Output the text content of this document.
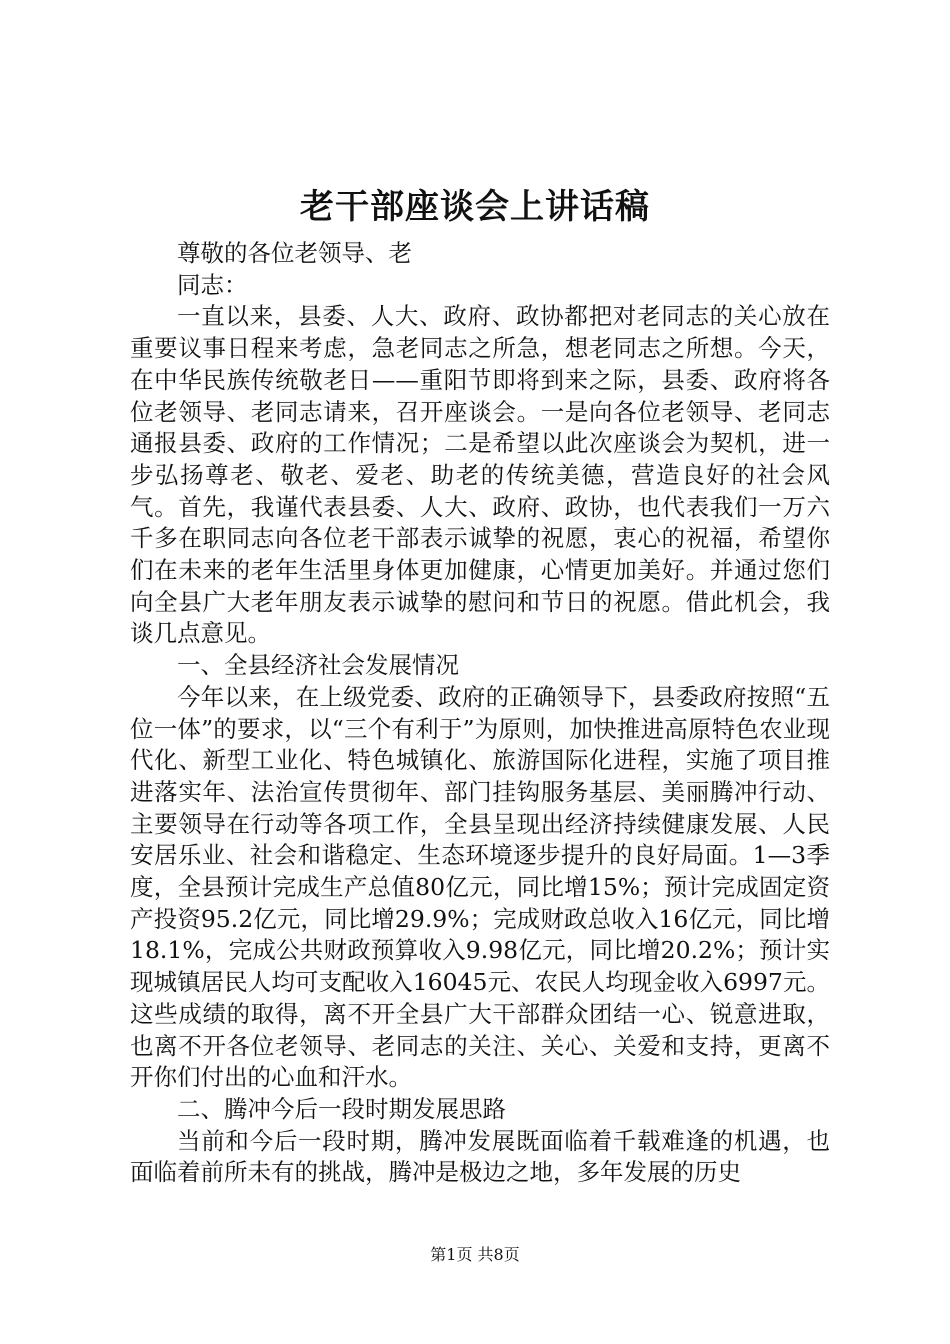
老干部座谈会上讲话稿

尊敬的各位老领导、老

同志：

一直以来，县委、人大、政府、政协都把对老同志的关心放在重要议事日程来考虑，急老同志之所急，想老同志之所想。今天，在中华民族传统敬老日——重阳节即将到来之际，县委、政府将各位老领导、老同志请来，召开座谈会。一是向各位老领导、老同志通报县委、政府的工作情况；二是希望以此次座谈会为契机，进一步弘扬尊老、敬老、爱老、助老的传统美德，营造良好的社会风气。首先，我谨代表县委、人大、政府、政协，也代表我们一万六千多在职同志向各位老干部表示诚挚的祝愿，衷心的祝福，希望你们在未来的老年生活里身体更加健康，心情更加美好。并通过您们向全县广大老年朋友表示诚挚的慰问和节日的祝愿。借此机会，我谈几点意见。

一、全县经济社会发展情况

今年以来，在上级党委、政府的正确领导下，县委政府按照“五位一体”的要求，以“三个有利于”为原则，加快推进高原特色农业现代化、新型工业化、特色城镇化、旅游国际化进程，实施了项目推进落实年、法治宣传贯彻年、部门挂钩服务基层、美丽腾冲行动、主要领导在行动等各项工作，全县呈现出经济持续健康发展、人民安居乐业、社会和谐稳定、生态环境逐步提升的良好局面。1—3季度，全县预计完成生产总值80亿元，同比增15%；预计完成固定资产投资95.2亿元，同比增29.9%；完成财政总收入16亿元，同比增18.1%，完成公共财政预算收入9.98亿元，同比增20.2%；预计实现城镇居民人均可支配收入16045元、农民人均现金收入6997元。这些成绩的取得，离不开全县广大干部群众团结一心、锐意进取，也离不开各位老领导、老同志的关注、关心、关爱和支持，更离不开你们付出的心血和汗水。

二、腾冲今后一段时期发展思路

当前和今后一段时期，腾冲发展既面临着千载难逢的机遇，也面临着前所未有的挑战，腾冲是极边之地，多年发展的历史

第1页 共8页
